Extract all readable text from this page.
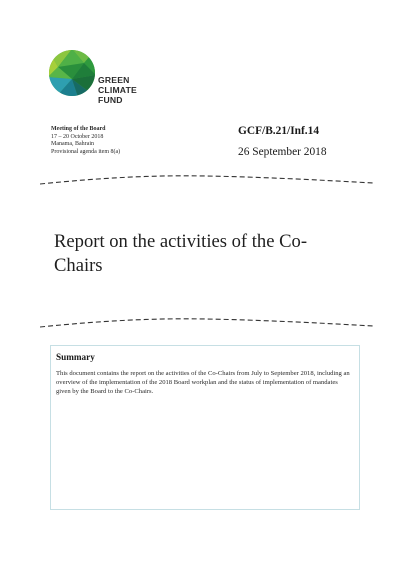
GREEN
CLIMATE
FUND
Meeting of the Board
17 – 20 October 2018
Manama, Bahrain
Provisional agenda item 8(a)
GCF/B.21/Inf.14
26 September 2018
Report on the activities of the Co-Chairs
Summary
This document contains the report on the activities of the Co-Chairs from July to September 2018, including an overview of the implementation of the 2018 Board workplan and the status of implementation of mandates given by the Board to the Co-Chairs.
